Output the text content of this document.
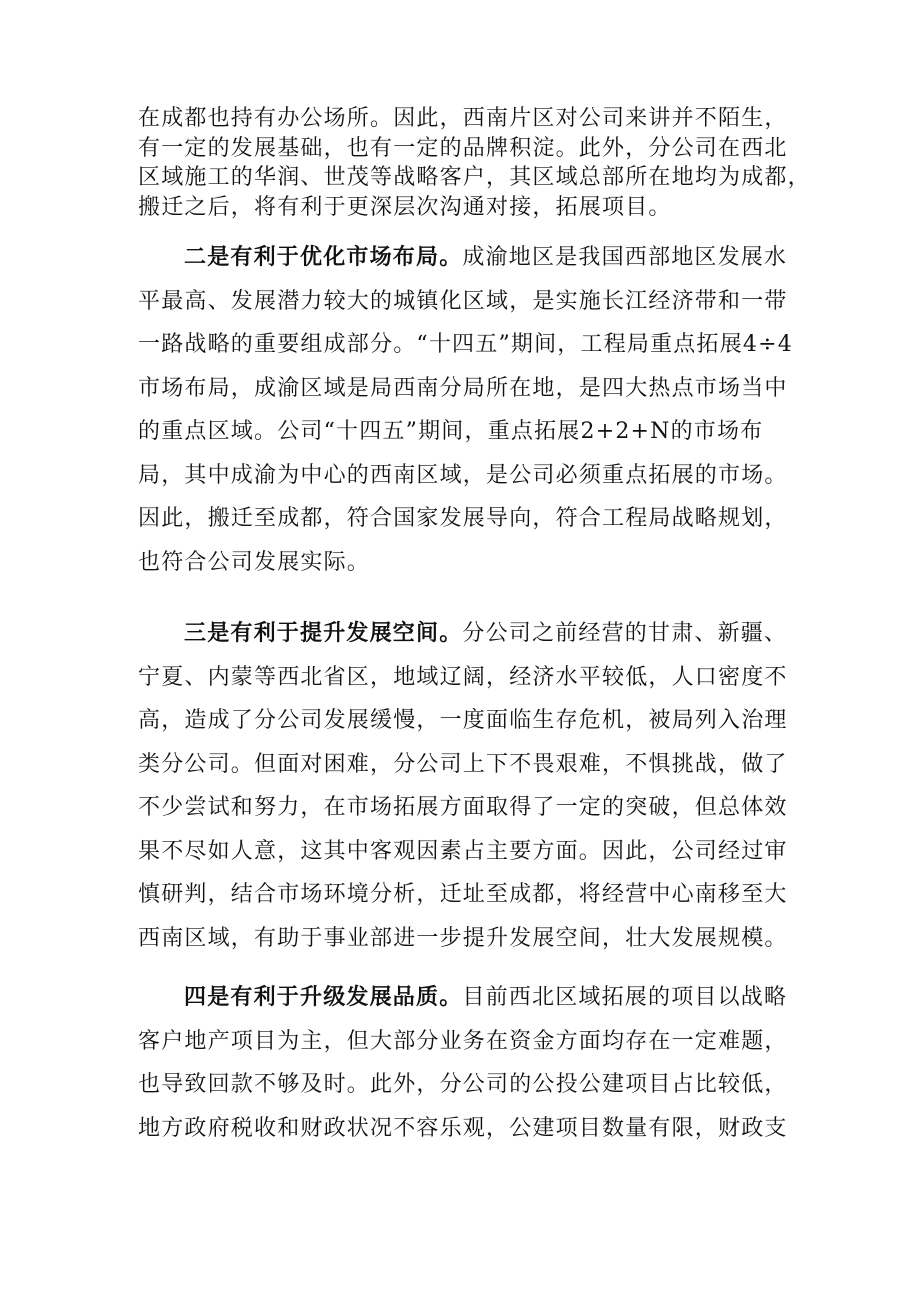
在成都也持有办公场所。因此，西南片区对公司来讲并不陌生，
有一定的发展基础，也有一定的品牌积淀。此外，分公司在西北
区域施工的华润、世茂等战略客户，其区域总部所在地均为成都，
搬迁之后，将有利于更深层次沟通对接，拓展项目。

二是有利于优化市场布局。成渝地区是我国西部地区发展水平最高、发展潜力较大的城镇化区域，是实施长江经济带和一带一路战略的重要组成部分。“十四五”期间，工程局重点拓展4÷4市场布局，成渝区域是局西南分局所在地，是四大热点市场当中的重点区域。公司“十四五”期间，重点拓展2+2+N的市场布局，其中成渝为中心的西南区域，是公司必须重点拓展的市场。因此，搬迁至成都，符合国家发展导向，符合工程局战略规划，也符合公司发展实际。

三是有利于提升发展空间。分公司之前经营的甘肃、新疆、宁夏、内蒙等西北省区，地域辽阔，经济水平较低，人口密度不高，造成了分公司发展缓慢，一度面临生存危机，被局列入治理类分公司。但面对困难，分公司上下不畏艰难，不惧挑战，做了不少尝试和努力，在市场拓展方面取得了一定的突破，但总体效果不尽如人意，这其中客观因素占主要方面。因此，公司经过审慎研判，结合市场环境分析，迁址至成都，将经营中心南移至大西南区域，有助于事业部进一步提升发展空间，壮大发展规模。

四是有利于升级发展品质。目前西北区域拓展的项目以战略客户地产项目为主，但大部分业务在资金方面均存在一定难题，也导致回款不够及时。此外，分公司的公投公建项目占比较低，地方政府税收和财政状况不容乐观，公建项目数量有限，财政支
